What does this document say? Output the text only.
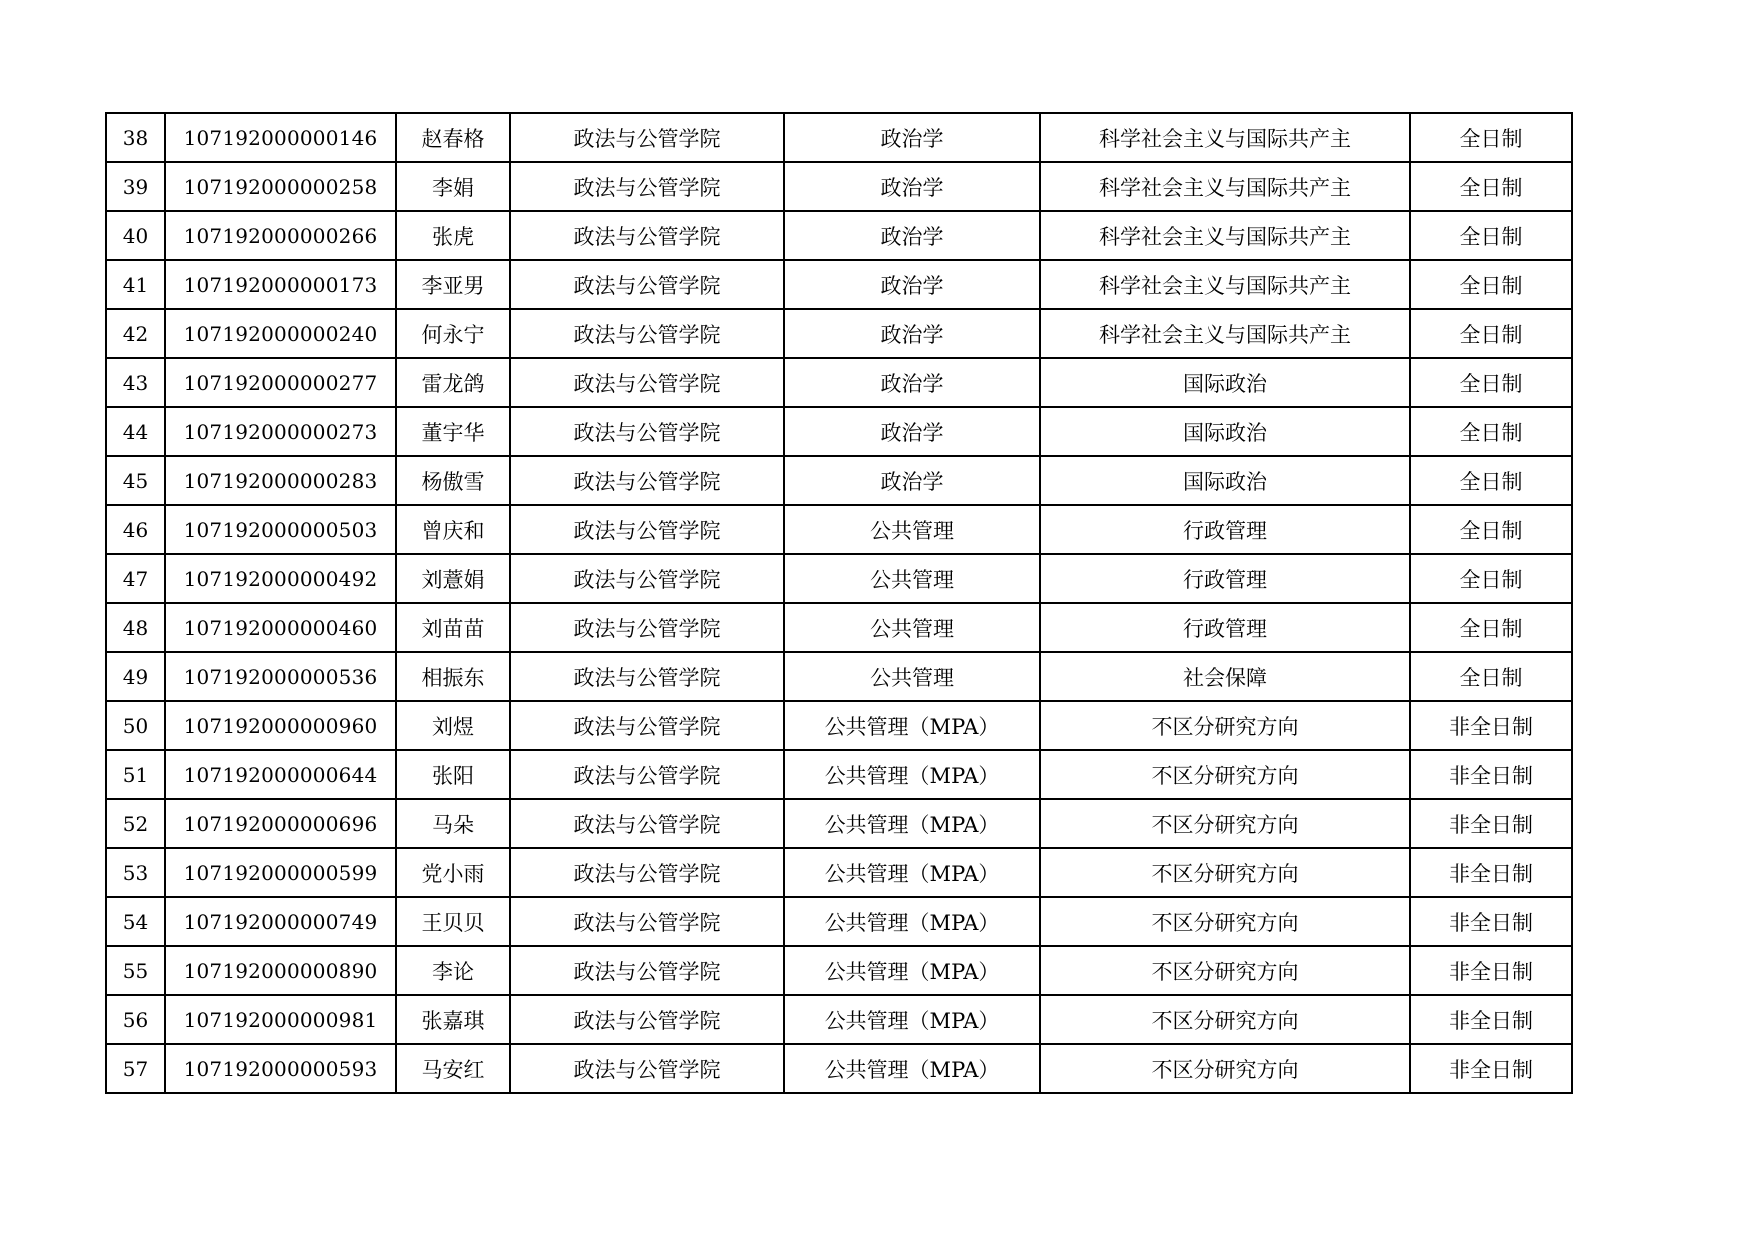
38	107192000000146	赵春格	政法与公管学院	政治学	科学社会主义与国际共产主	全日制
39	107192000000258	李娟	政法与公管学院	政治学	科学社会主义与国际共产主	全日制
40	107192000000266	张虎	政法与公管学院	政治学	科学社会主义与国际共产主	全日制
41	107192000000173	李亚男	政法与公管学院	政治学	科学社会主义与国际共产主	全日制
42	107192000000240	何永宁	政法与公管学院	政治学	科学社会主义与国际共产主	全日制
43	107192000000277	雷龙鸽	政法与公管学院	政治学	国际政治	全日制
44	107192000000273	董宇华	政法与公管学院	政治学	国际政治	全日制
45	107192000000283	杨傲雪	政法与公管学院	政治学	国际政治	全日制
46	107192000000503	曾庆和	政法与公管学院	公共管理	行政管理	全日制
47	107192000000492	刘薏娟	政法与公管学院	公共管理	行政管理	全日制
48	107192000000460	刘苗苗	政法与公管学院	公共管理	行政管理	全日制
49	107192000000536	相振东	政法与公管学院	公共管理	社会保障	全日制
50	107192000000960	刘煜	政法与公管学院	公共管理（MPA）	不区分研究方向	非全日制
51	107192000000644	张阳	政法与公管学院	公共管理（MPA）	不区分研究方向	非全日制
52	107192000000696	马朵	政法与公管学院	公共管理（MPA）	不区分研究方向	非全日制
53	107192000000599	党小雨	政法与公管学院	公共管理（MPA）	不区分研究方向	非全日制
54	107192000000749	王贝贝	政法与公管学院	公共管理（MPA）	不区分研究方向	非全日制
55	107192000000890	李论	政法与公管学院	公共管理（MPA）	不区分研究方向	非全日制
56	107192000000981	张嘉琪	政法与公管学院	公共管理（MPA）	不区分研究方向	非全日制
57	107192000000593	马安红	政法与公管学院	公共管理（MPA）	不区分研究方向	非全日制
